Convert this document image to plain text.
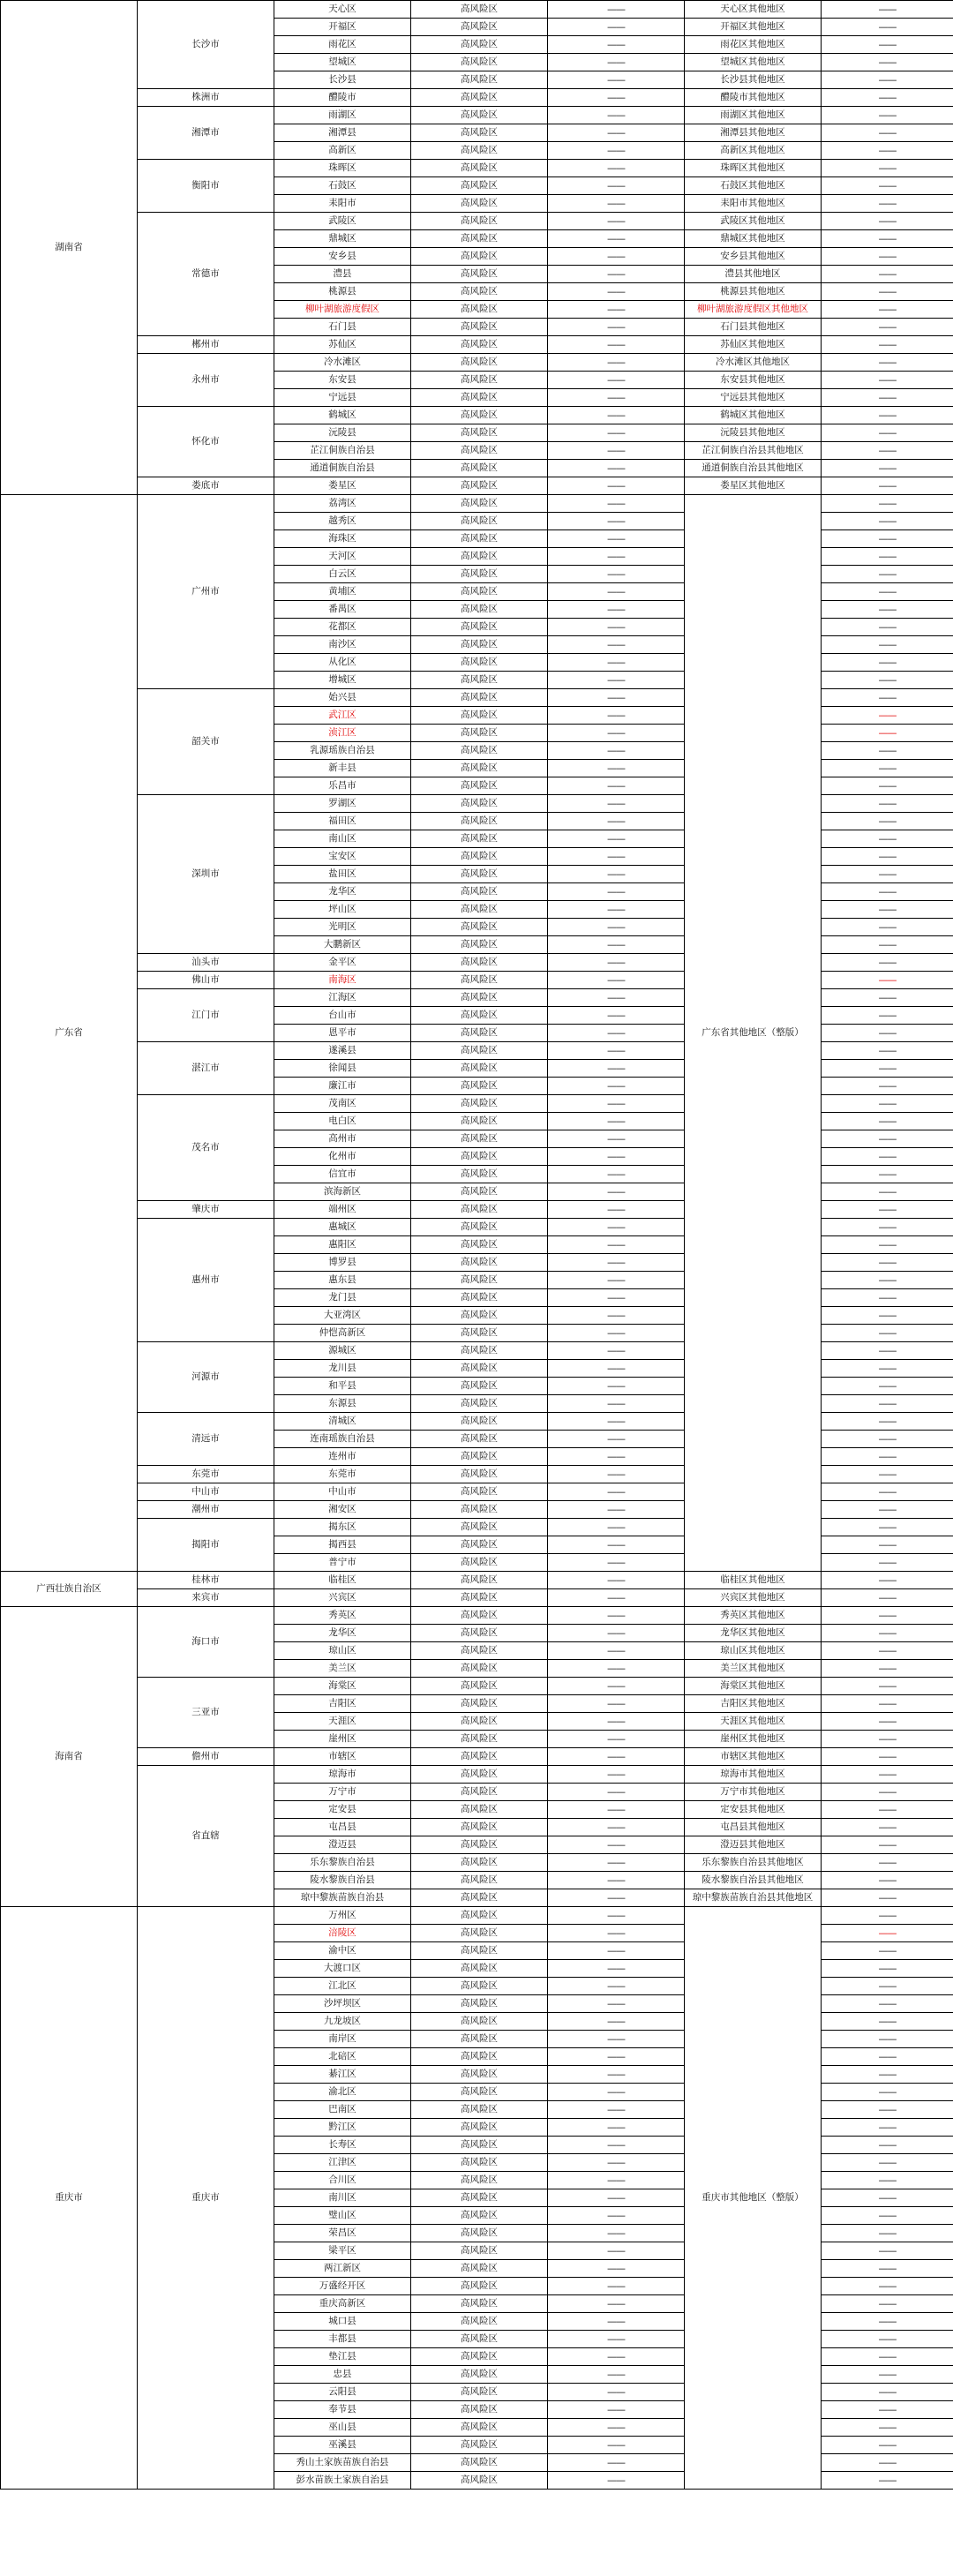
湖南省	长沙市	天心区	高风险区	——	天心区其他地区	——
		开福区	高风险区	——	开福区其他地区	——
		雨花区	高风险区	——	雨花区其他地区	——
		望城区	高风险区	——	望城区其他地区	——
		长沙县	高风险区	——	长沙县其他地区	——
	株洲市	醴陵市	高风险区	——	醴陵市其他地区	——
	湘潭市	雨湖区	高风险区	——	雨湖区其他地区	——
		湘潭县	高风险区	——	湘潭县其他地区	——
		高新区	高风险区	——	高新区其他地区	——
	衡阳市	珠晖区	高风险区	——	珠晖区其他地区	——
		石鼓区	高风险区	——	石鼓区其他地区	——
		耒阳市	高风险区	——	耒阳市其他地区	——
	常德市	武陵区	高风险区	——	武陵区其他地区	——
		鼎城区	高风险区	——	鼎城区其他地区	——
		安乡县	高风险区	——	安乡县其他地区	——
		澧县	高风险区	——	澧县其他地区	——
		桃源县	高风险区	——	桃源县其他地区	——
		柳叶湖旅游度假区	高风险区	——	柳叶湖旅游度假区其他地区	——
		石门县	高风险区	——	石门县其他地区	——
	郴州市	苏仙区	高风险区	——	苏仙区其他地区	——
	永州市	冷水滩区	高风险区	——	冷水滩区其他地区	——
		东安县	高风险区	——	东安县其他地区	——
		宁远县	高风险区	——	宁远县其他地区	——
	怀化市	鹤城区	高风险区	——	鹤城区其他地区	——
		沅陵县	高风险区	——	沅陵县其他地区	——
		芷江侗族自治县	高风险区	——	芷江侗族自治县其他地区	——
		通道侗族自治县	高风险区	——	通道侗族自治县其他地区	——
	娄底市	娄星区	高风险区	——	娄星区其他地区	——
广东省	广州市	荔湾区	高风险区	——	广东省其他地区（整版）	——
		越秀区	高风险区	——		——
		海珠区	高风险区	——		——
		天河区	高风险区	——		——
		白云区	高风险区	——		——
		黄埔区	高风险区	——		——
		番禺区	高风险区	——		——
		花都区	高风险区	——		——
		南沙区	高风险区	——		——
		从化区	高风险区	——		——
		增城区	高风险区	——		——
	韶关市	始兴县	高风险区	——		——
		武江区	高风险区	——		——
		浈江区	高风险区	——		——
		乳源瑶族自治县	高风险区	——		——
		新丰县	高风险区	——		——
		乐昌市	高风险区	——		——
	深圳市	罗湖区	高风险区	——		——
		福田区	高风险区	——		——
		南山区	高风险区	——		——
		宝安区	高风险区	——		——
		盐田区	高风险区	——		——
		龙华区	高风险区	——		——
		坪山区	高风险区	——		——
		光明区	高风险区	——		——
		大鹏新区	高风险区	——		——
	汕头市	金平区	高风险区	——		——
	佛山市	南海区	高风险区	——		——
	江门市	江海区	高风险区	——		——
		台山市	高风险区	——		——
		恩平市	高风险区	——		——
	湛江市	遂溪县	高风险区	——		——
		徐闻县	高风险区	——		——
		廉江市	高风险区	——		——
	茂名市	茂南区	高风险区	——		——
		电白区	高风险区	——		——
		高州市	高风险区	——		——
		化州市	高风险区	——		——
		信宜市	高风险区	——		——
		滨海新区	高风险区	——		——
	肇庆市	端州区	高风险区	——		——
	惠州市	惠城区	高风险区	——		——
		惠阳区	高风险区	——		——
		博罗县	高风险区	——		——
		惠东县	高风险区	——		——
		龙门县	高风险区	——		——
		大亚湾区	高风险区	——		——
		仲恺高新区	高风险区	——		——
	河源市	源城区	高风险区	——		——
		龙川县	高风险区	——		——
		和平县	高风险区	——		——
		东源县	高风险区	——		——
	清远市	清城区	高风险区	——		——
		连南瑶族自治县	高风险区	——		——
		连州市	高风险区	——		——
	东莞市	东莞市	高风险区	——		——
	中山市	中山市	高风险区	——		——
	潮州市	湘安区	高风险区	——		——
	揭阳市	揭东区	高风险区	——		——
		揭西县	高风险区	——		——
		普宁市	高风险区	——		——
广西壮族自治区	桂林市	临桂区	高风险区	——	临桂区其他地区	——
	来宾市	兴宾区	高风险区	——	兴宾区其他地区	——
海南省	海口市	秀英区	高风险区	——	秀英区其他地区	——
		龙华区	高风险区	——	龙华区其他地区	——
		琼山区	高风险区	——	琼山区其他地区	——
		美兰区	高风险区	——	美兰区其他地区	——
	三亚市	海棠区	高风险区	——	海棠区其他地区	——
		吉阳区	高风险区	——	吉阳区其他地区	——
		天涯区	高风险区	——	天涯区其他地区	——
		崖州区	高风险区	——	崖州区其他地区	——
	儋州市	市辖区	高风险区	——	市辖区其他地区	——
	省直辖	琼海市	高风险区	——	琼海市其他地区	——
		万宁市	高风险区	——	万宁市其他地区	——
		定安县	高风险区	——	定安县其他地区	——
		屯昌县	高风险区	——	屯昌县其他地区	——
		澄迈县	高风险区	——	澄迈县其他地区	——
		乐东黎族自治县	高风险区	——	乐东黎族自治县其他地区	——
		陵水黎族自治县	高风险区	——	陵水黎族自治县其他地区	——
		琼中黎族苗族自治县	高风险区	——	琼中黎族苗族自治县其他地区	——
重庆市	重庆市	万州区	高风险区	——	重庆市其他地区（整版）	——
		涪陵区	高风险区	——		——
		渝中区	高风险区	——		——
		大渡口区	高风险区	——		——
		江北区	高风险区	——		——
		沙坪坝区	高风险区	——		——
		九龙坡区	高风险区	——		——
		南岸区	高风险区	——		——
		北碚区	高风险区	——		——
		綦江区	高风险区	——		——
		渝北区	高风险区	——		——
		巴南区	高风险区	——		——
		黔江区	高风险区	——		——
		长寿区	高风险区	——		——
		江津区	高风险区	——		——
		合川区	高风险区	——		——
		南川区	高风险区	——		——
		璧山区	高风险区	——		——
		荣昌区	高风险区	——		——
		梁平区	高风险区	——		——
		两江新区	高风险区	——		——
		万盛经开区	高风险区	——		——
		重庆高新区	高风险区	——		——
		城口县	高风险区	——		——
		丰都县	高风险区	——		——
		垫江县	高风险区	——		——
		忠县	高风险区	——		——
		云阳县	高风险区	——		——
		奉节县	高风险区	——		——
		巫山县	高风险区	——		——
		巫溪县	高风险区	——		——
		秀山土家族苗族自治县	高风险区	——		——
		彭水苗族土家族自治县	高风险区	——		——
